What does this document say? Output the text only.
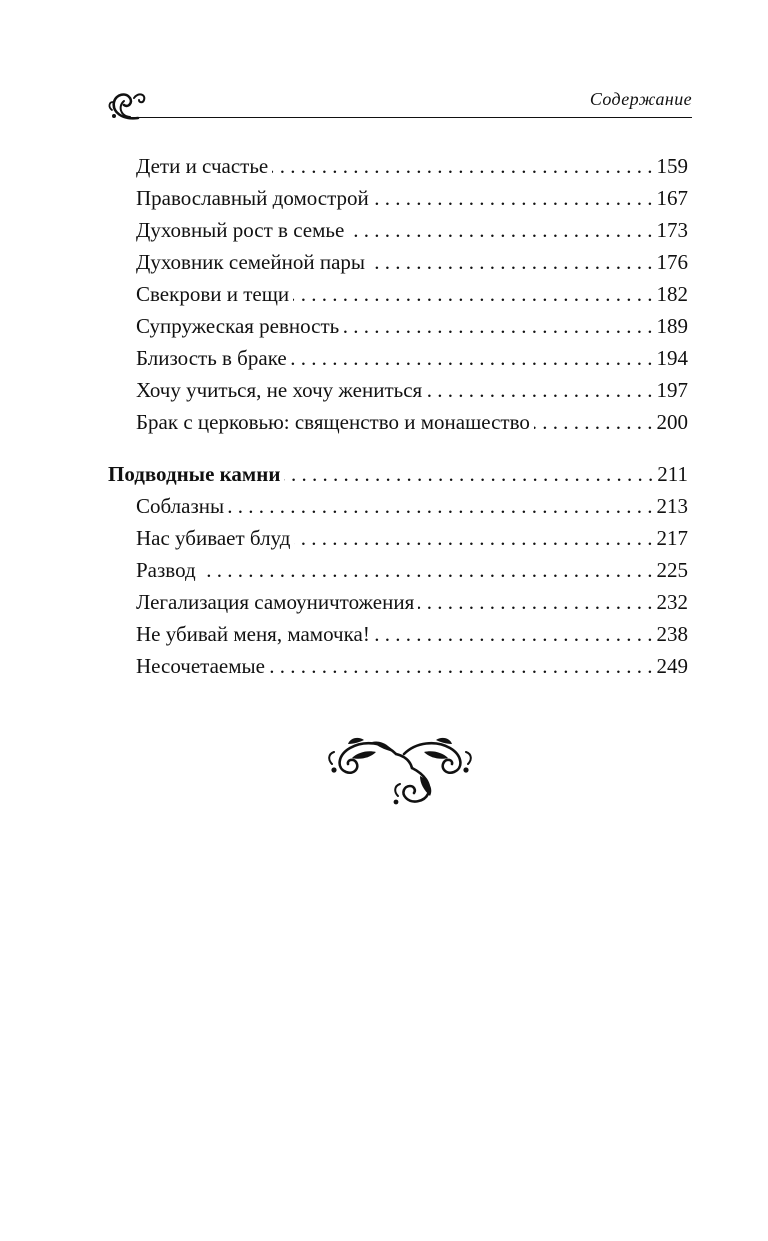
Содержание
Дети и счастье . . .	159
Православный домострой . . .	167
Духовный рост в семье . . .	173
Духовник семейной пары . . .	176
Свекрови и тещи . . .	182
Супружеская ревность . . .	189
Близость в браке . . .	194
Хочу учиться, не хочу жениться . . .	197
Брак с церковью: священство и монашество . . .	200
Подводные камни . . .	211
Соблазны . . .	213
Нас убивает блуд . . .	217
Развод . . .	225
Легализация самоуничтожения . . .	232
Не убивай меня, мамочка! . . .	238
Несочетаемые . . .	249
